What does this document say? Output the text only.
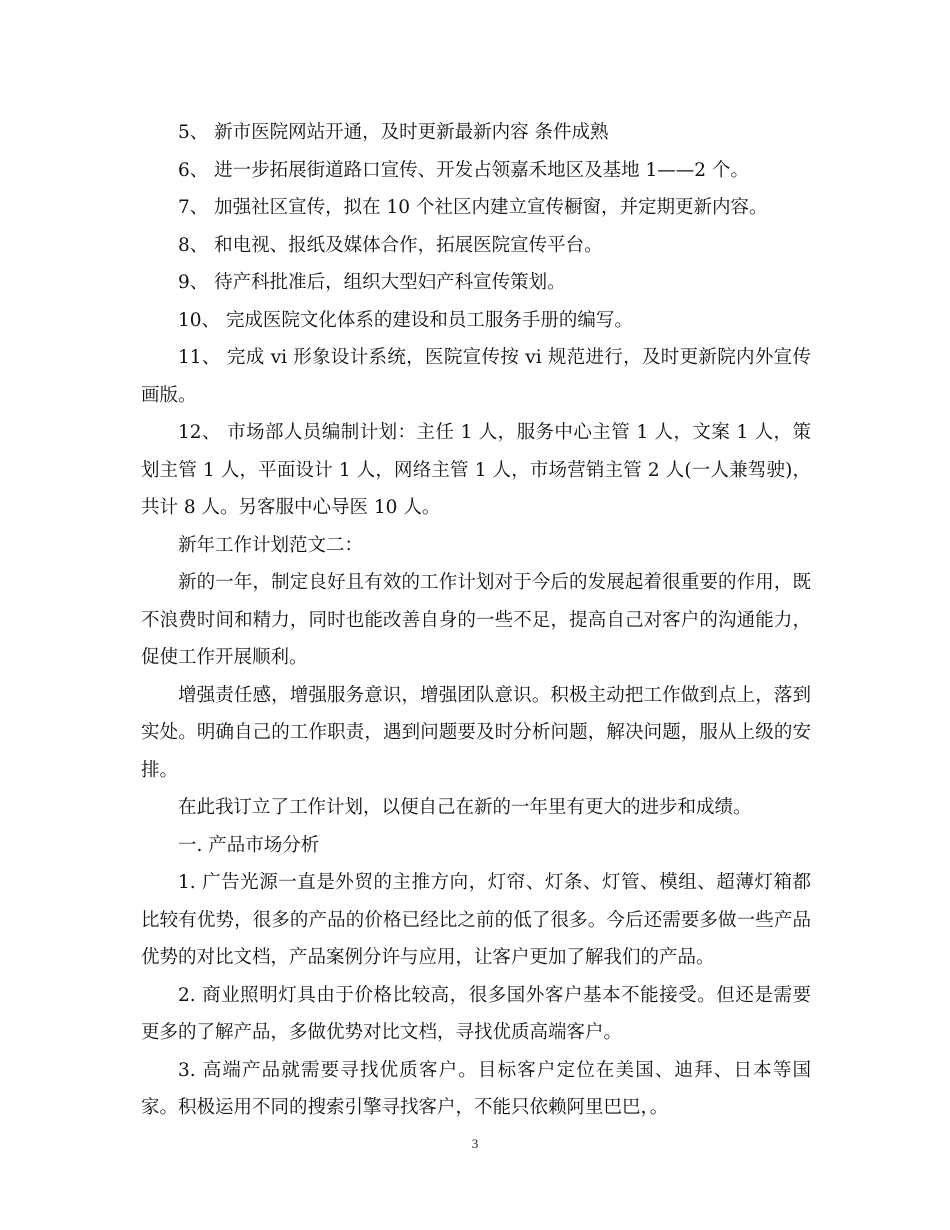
5、 新市医院网站开通，及时更新最新内容 条件成熟

6、 进一步拓展街道路口宣传、开发占领嘉禾地区及基地 1——2 个。

7、 加强社区宣传，拟在 10 个社区内建立宣传橱窗，并定期更新内容。

8、 和电视、报纸及媒体合作，拓展医院宣传平台。

9、 待产科批准后，组织大型妇产科宣传策划。

10、 完成医院文化体系的建设和员工服务手册的编写。

11、 完成 vi 形象设计系统，医院宣传按 vi 规范进行，及时更新院内外宣传画版。

12、 市场部人员编制计划：主任 1 人，服务中心主管 1 人，文案 1 人，策划主管 1 人，平面设计 1 人，网络主管 1 人，市场营销主管 2 人(一人兼驾驶)，共计 8 人。另客服中心导医 10 人。

新年工作计划范文二：

新的一年，制定良好且有效的工作计划对于今后的发展起着很重要的作用，既不浪费时间和精力，同时也能改善自身的一些不足，提高自己对客户的沟通能力，促使工作开展顺利。

增强责任感，增强服务意识，增强团队意识。积极主动把工作做到点上，落到实处。明确自己的工作职责，遇到问题要及时分析问题，解决问题，服从上级的安排。

在此我订立了工作计划，以便自己在新的一年里有更大的进步和成绩。

一. 产品市场分析

1. 广告光源一直是外贸的主推方向，灯帘、灯条、灯管、模组、超薄灯箱都比较有优势，很多的产品的价格已经比之前的低了很多。今后还需要多做一些产品优势的对比文档，产品案例分许与应用，让客户更加了解我们的产品。

2. 商业照明灯具由于价格比较高，很多国外客户基本不能接受。但还是需要更多的了解产品，多做优势对比文档，寻找优质高端客户。

3. 高端产品就需要寻找优质客户。目标客户定位在美国、迪拜、日本等国家。积极运用不同的搜索引擎寻找客户，不能只依赖阿里巴巴，。

3
